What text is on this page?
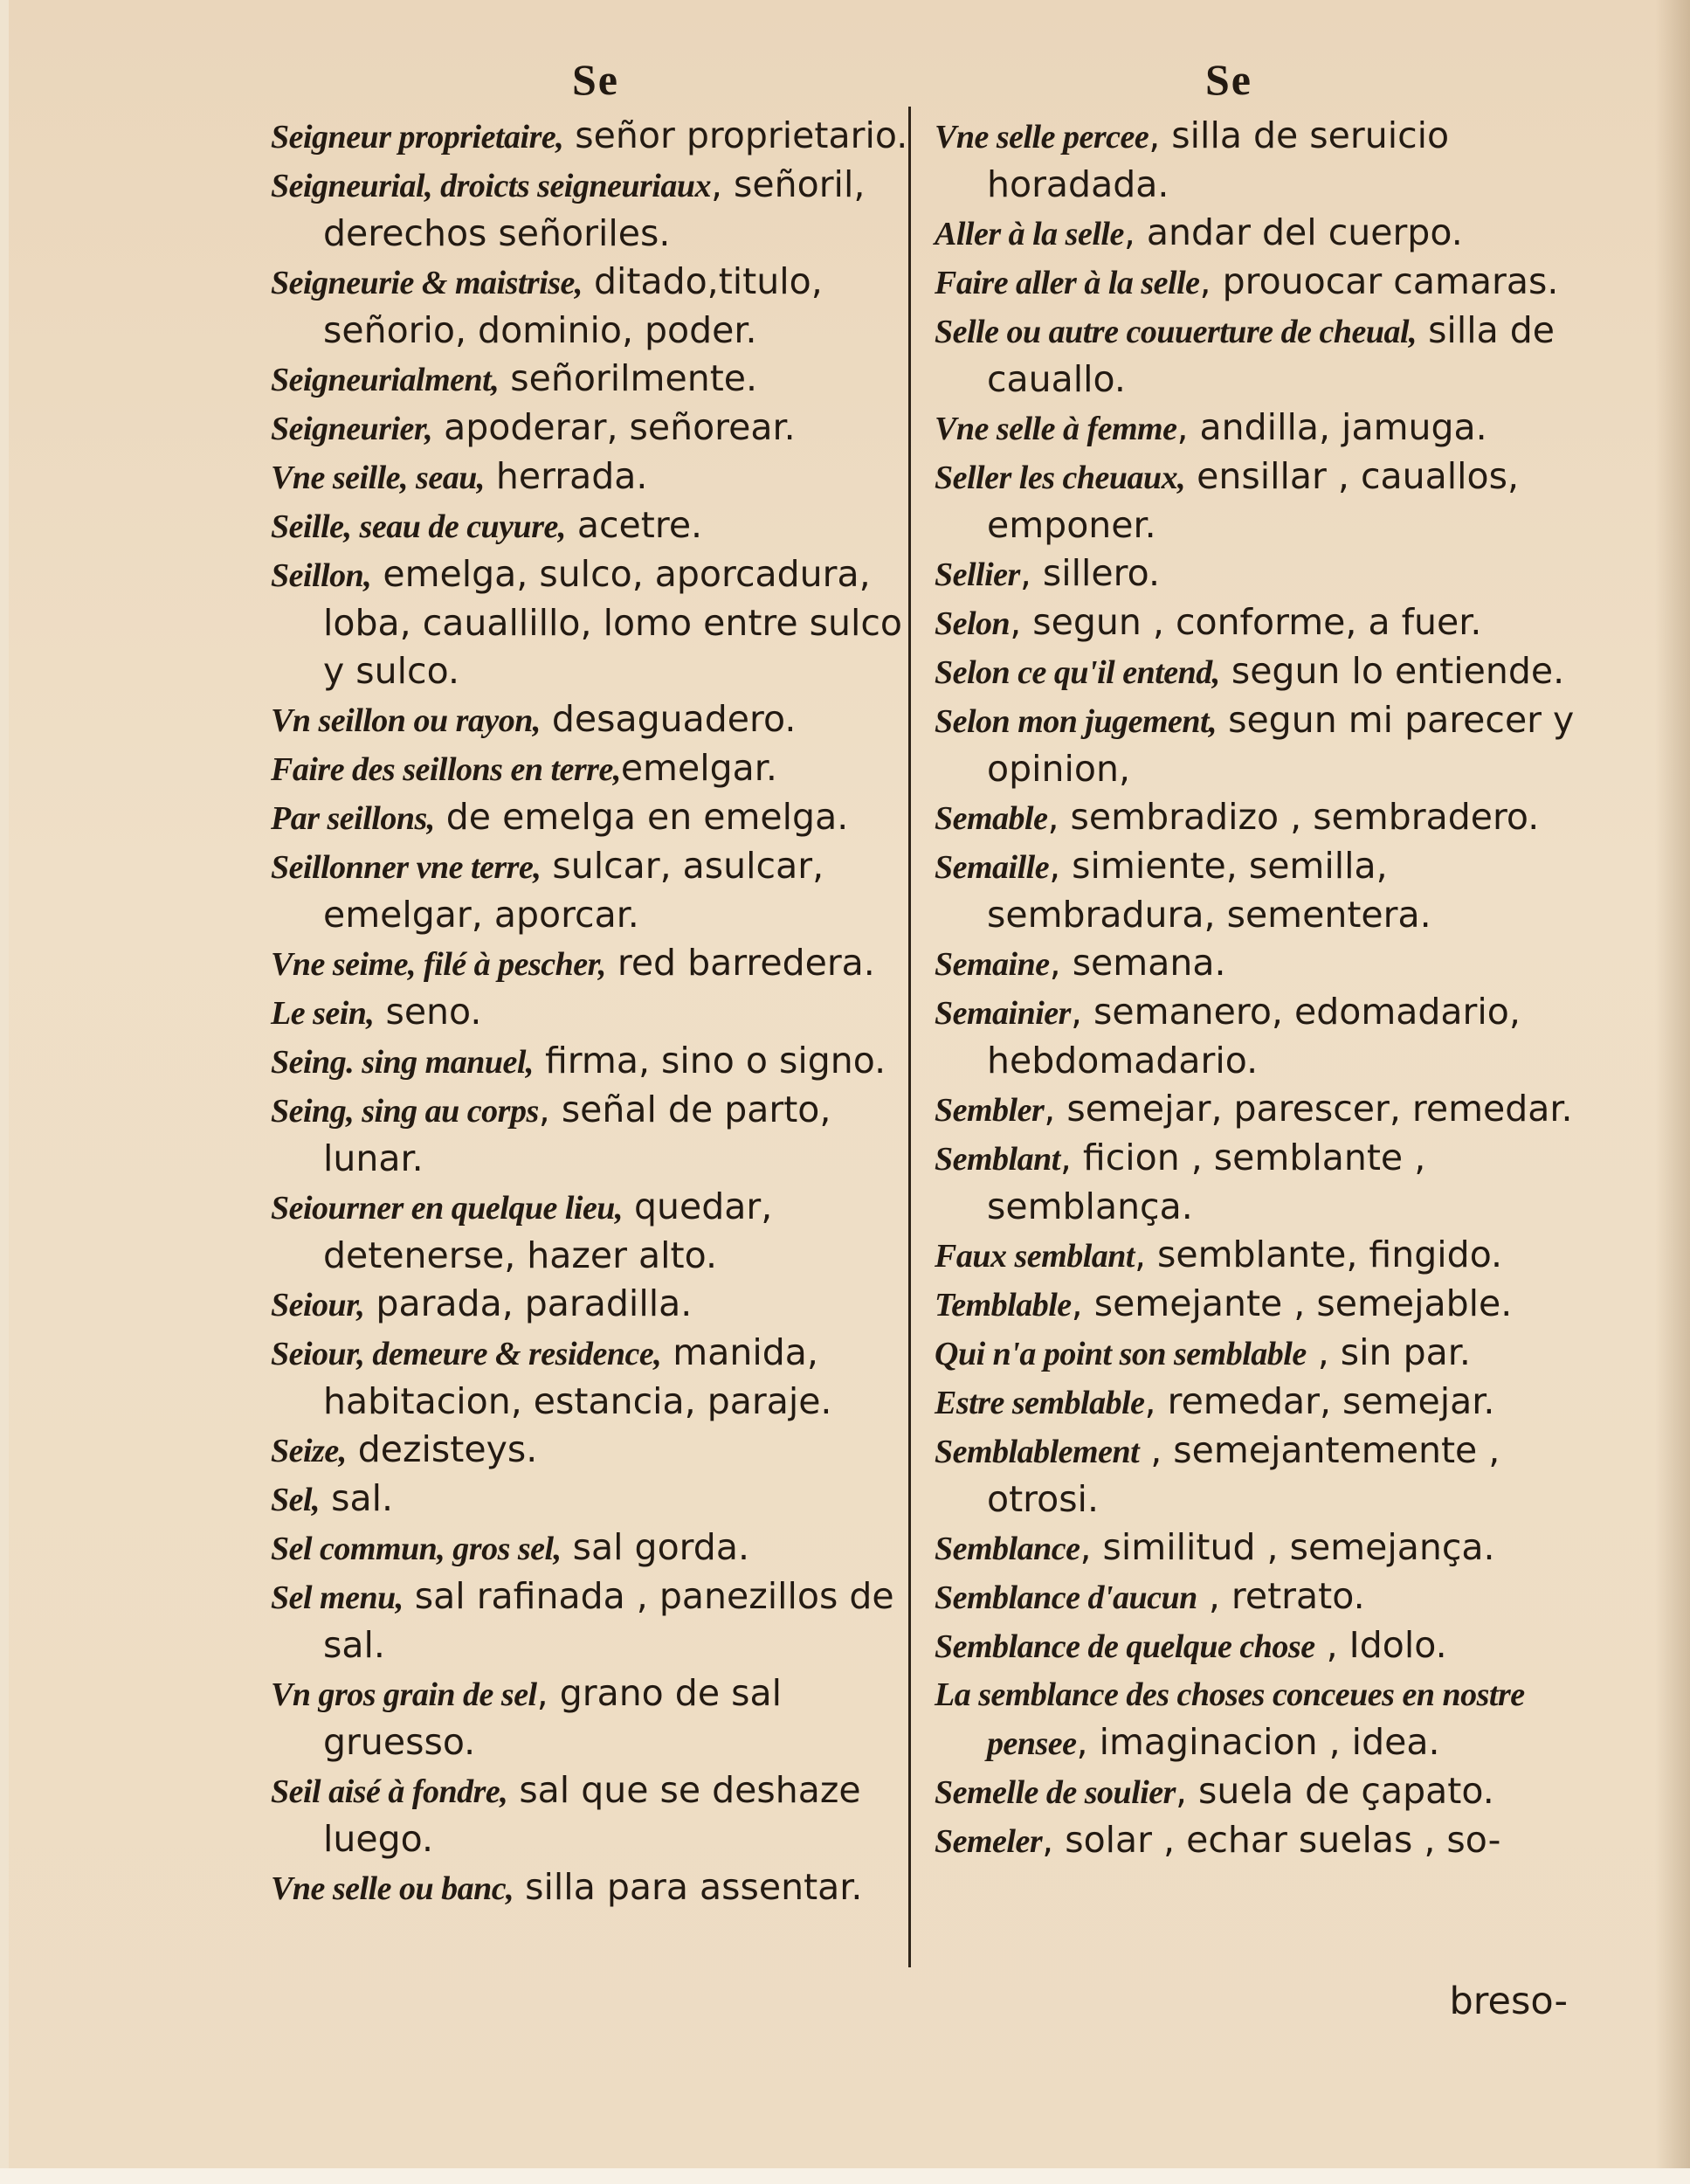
Se	Se

Seigneur proprietaire, señor proprietario.

Seigneurial, droicts seigneuriaux, señoril, derechos señoriles.

Seigneurie & maistrise, ditado,titulo, señorio, dominio, poder.

Seigneurialment, señorilmente.

Seigneurier, apoderar, señorear.

Vne seille, seau, herrada.

Seille, seau de cuyure, acetre.

Seillon, emelga, sulco, aporcadura, loba, cauallillo, lomo entre sulco y sulco.

Vn seillon ou rayon, desaguadero.

Faire des seillons en terre,emelgar.

Par seillons, de emelga en emelga.

Seillonner vne terre, sulcar, asulcar, emelgar, aporcar.

Vne seime, filé à pescher, red barredera.

Le sein, seno.

Seing. sing manuel, firma, sino o signo.

Seing, sing au corps, señal de parto, lunar.

Seiourner en quelque lieu, quedar, detenerse, hazer alto.

Seiour, parada, paradilla.

Seiour, demeure & residence, manida, habitacion, estancia, paraje.

Seize, dezisteys.

Sel, sal.

Sel commun, gros sel, sal gorda.

Sel menu, sal rafinada , panezillos de sal.

Vn gros grain de sel, grano de sal gruesso.

Seil aisé à fondre, sal que se deshaze luego.

Vne selle ou banc, silla para assentar.

Vne selle percee, silla de seruicio horadada.

Aller à la selle, andar del cuerpo.

Faire aller à la selle, prouocar camaras.

Selle ou autre couuerture de cheual, silla de cauallo.

Vne selle à femme, andilla, jamuga.

Seller les cheuaux, ensillar , cauallos, emponer.

Sellier, sillero.

Selon, segun , conforme, a fuer.

Selon ce qu'il entend, segun lo entiende.

Selon mon jugement, segun mi parecer y opinion,

Semable, sembradizo , sembradero.

Semaille, simiente, semilla, sembradura, sementera.

Semaine, semana.

Semainier, semanero, edomadario, hebdomadario.

Sembler, semejar, parescer, remedar.

Semblant, ficion , semblante , semblança.

Faux semblant, semblante, fingido.

Temblable, semejante , semejable.

Qui n'a point son semblable , sin par.

Estre semblable, remedar, semejar.

Semblablement , semejantemente , otrosi.

Semblance, similitud , semejança.

Semblance d'aucun , retrato.

Semblance de quelque chose , Idolo.

La semblance des choses conceues en nostre pensee, imaginacion , idea.

Semelle de soulier, suela de çapato.

Semeler, solar , echar suelas , so-

breso-
